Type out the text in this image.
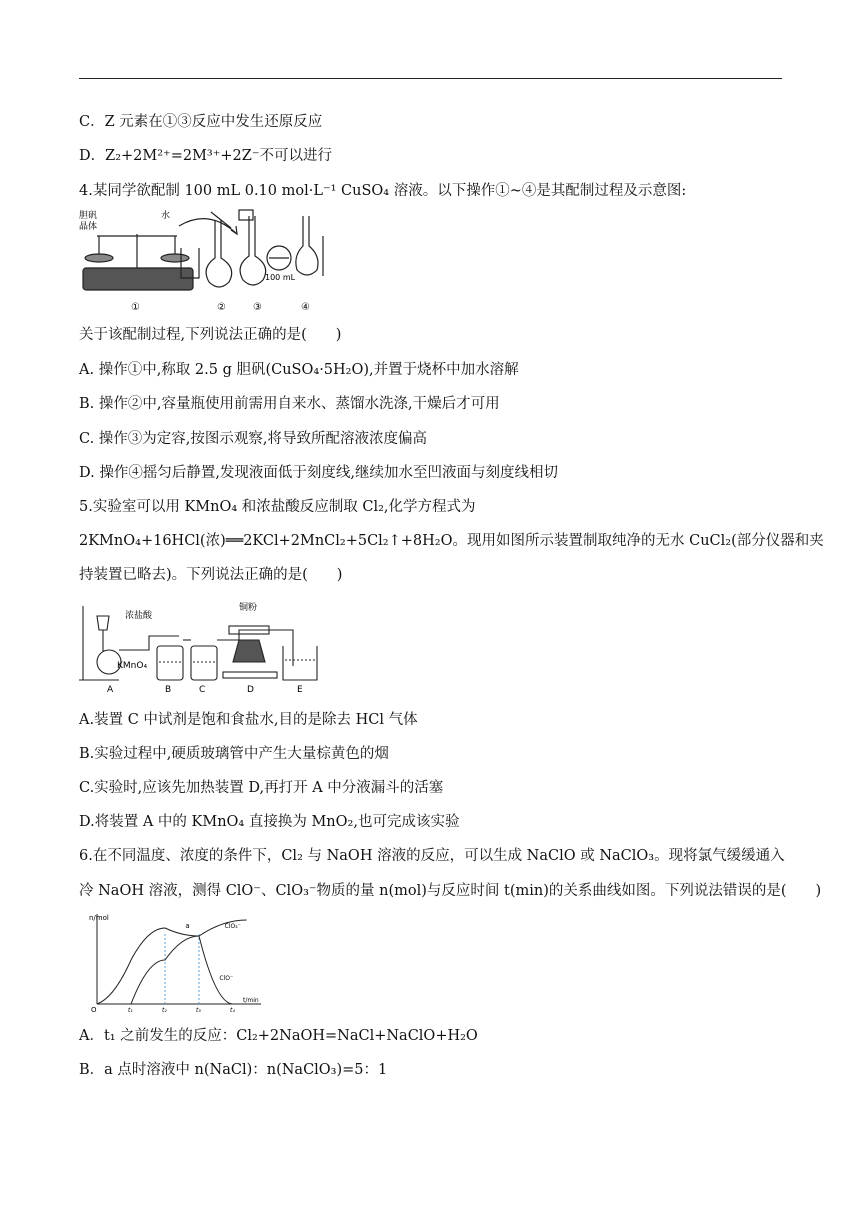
C．Z 元素在①③反应中发生还原反应
D．Z₂+2M²⁺=2M³⁺+2Z⁻不可以进行
4.某同学欲配制 100 mL 0.10 mol·L⁻¹ CuSO₄ 溶液。以下操作①~④是其配制过程及示意图:
胆矾
晶体
水
100 mL
①	②	③	④
关于该配制过程,下列说法正确的是(　　)
A. 操作①中,称取 2.5 g 胆矾(CuSO₄·5H₂O),并置于烧杯中加水溶解
B. 操作②中,容量瓶使用前需用自来水、蒸馏水洗涤,干燥后才可用
C. 操作③为定容,按图示观察,将导致所配溶液浓度偏高
D. 操作④摇匀后静置,发现液面低于刻度线,继续加水至凹液面与刻度线相切
5.实验室可以用 KMnO₄ 和浓盐酸反应制取 Cl₂,化学方程式为
2KMnO₄+16HCl(浓)══2KCl+2MnCl₂+5Cl₂↑+8H₂O。现用如图所示装置制取纯净的无水 CuCl₂(部分仪器和夹
持装置已略去)。下列说法正确的是(　　)
浓盐酸
KMnO₄
铜粉
A	B	C	D	E
A.装置 C 中试剂是饱和食盐水,目的是除去 HCl 气体
B.实验过程中,硬质玻璃管中产生大量棕黄色的烟
C.实验时,应该先加热装置 D,再打开 A 中分液漏斗的活塞
D.将装置 A 中的 KMnO₄ 直接换为 MnO₂,也可完成该实验
6.在不同温度、浓度的条件下，Cl₂ 与 NaOH 溶液的反应，可以生成 NaClO 或 NaClO₃。现将氯气缓缓通入
冷 NaOH 溶液，测得 ClO⁻、ClO₃⁻物质的量 n(mol)与反应时间 t(min)的关系曲线如图。下列说法错误的是(　　)
n/mol
t/min
O	t₁	t₂	t₃	t₄
ClO₃⁻
ClO⁻
a
A．t₁ 之前发生的反应：Cl₂+2NaOH=NaCl+NaClO+H₂O
B．a 点时溶液中 n(NaCl)：n(NaClO₃)=5：1
